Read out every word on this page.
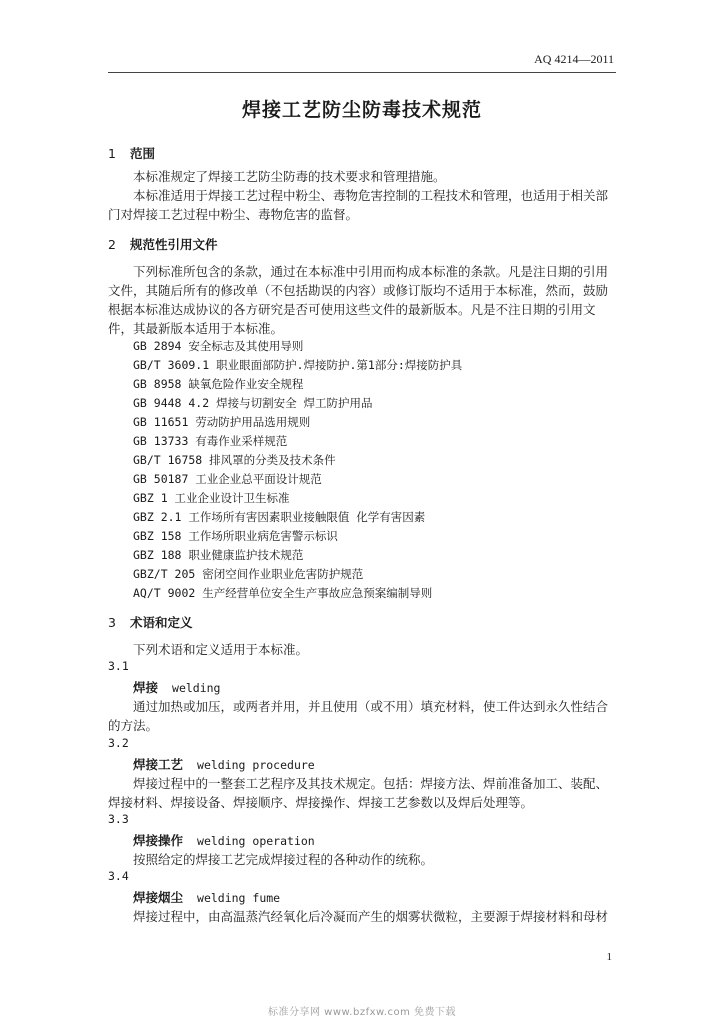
AQ 4214—2011
焊接工艺防尘防毒技术规范
1 范围
本标准规定了焊接工艺防尘防毒的技术要求和管理措施。
本标准适用于焊接工艺过程中粉尘、毒物危害控制的工程技术和管理，也适用于相关部
门对焊接工艺过程中粉尘、毒物危害的监督。
2 规范性引用文件
下列标准所包含的条款，通过在本标准中引用而构成本标准的条款。凡是注日期的引用
文件，其随后所有的修改单（不包括勘误的内容）或修订版均不适用于本标准，然而，鼓励
根据本标准达成协议的各方研究是否可使用这些文件的最新版本。凡是不注日期的引用文
件，其最新版本适用于本标准。
GB 2894 安全标志及其使用导则
GB/T 3609.1 职业眼面部防护.焊接防护.第1部分:焊接防护具
GB 8958 缺氧危险作业安全规程
GB 9448 4.2 焊接与切割安全 焊工防护用品
GB 11651 劳动防护用品选用规则
GB 13733 有毒作业采样规范
GB/T 16758 排风罩的分类及技术条件
GB 50187 工业企业总平面设计规范
GBZ 1 工业企业设计卫生标准
GBZ 2.1 工作场所有害因素职业接触限值 化学有害因素
GBZ 158 工作场所职业病危害警示标识
GBZ 188 职业健康监护技术规范
GBZ/T 205 密闭空间作业职业危害防护规范
AQ/T 9002 生产经营单位安全生产事故应急预案编制导则
3 术语和定义
下列术语和定义适用于本标准。
3.1
焊接 welding
通过加热或加压，或两者并用，并且使用（或不用）填充材料，使工件达到永久性结合
的方法。
3.2
焊接工艺 welding procedure
焊接过程中的一整套工艺程序及其技术规定。包括：焊接方法、焊前准备加工、装配、
焊接材料、焊接设备、焊接顺序、焊接操作、焊接工艺参数以及焊后处理等。
3.3
焊接操作 welding operation
按照给定的焊接工艺完成焊接过程的各种动作的统称。
3.4
焊接烟尘 welding fume
焊接过程中，由高温蒸汽经氧化后冷凝而产生的烟雾状微粒，主要源于焊接材料和母材
1
标准分享网 www.bzfxw.com 免费下载
